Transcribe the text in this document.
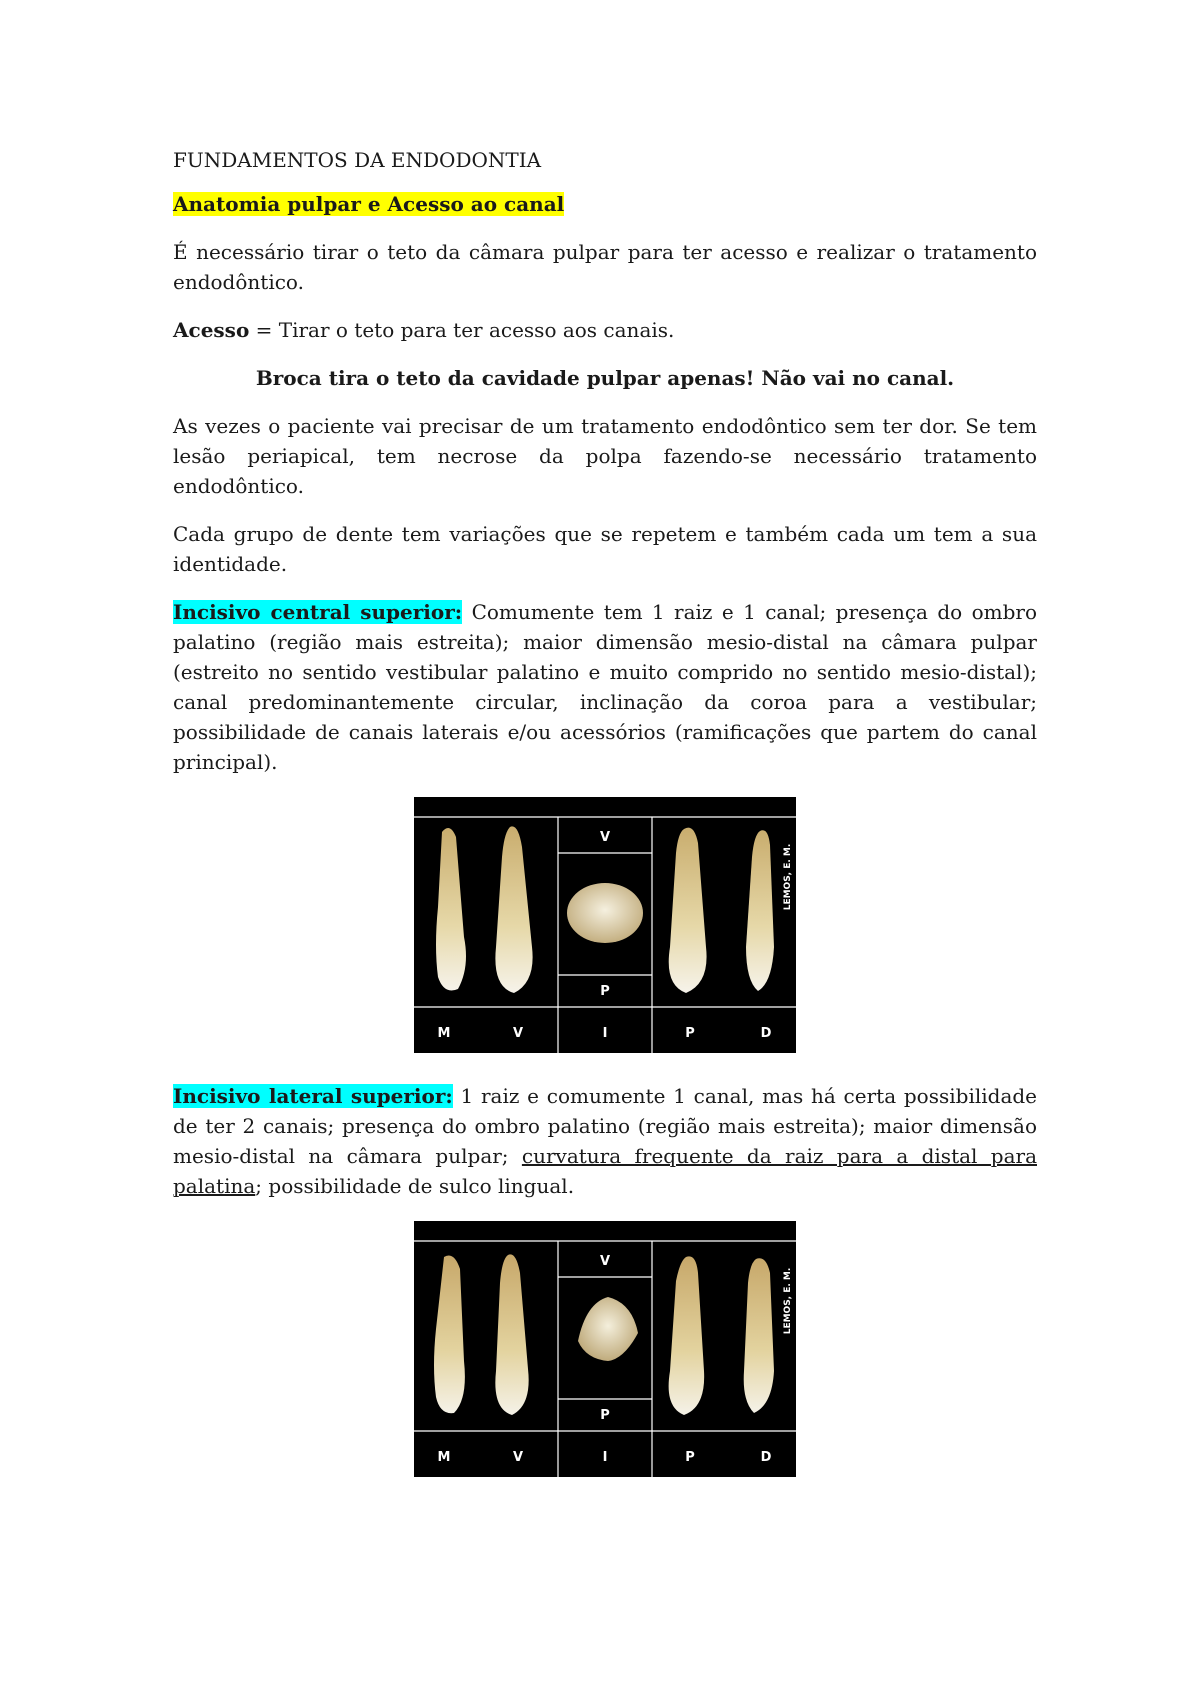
FUNDAMENTOS DA ENDODONTIA

Anatomia pulpar e Acesso ao canal

É necessário tirar o teto da câmara pulpar para ter acesso e realizar o tratamento endodôntico.

Acesso = Tirar o teto para ter acesso aos canais.

Broca tira o teto da cavidade pulpar apenas! Não vai no canal.

As vezes o paciente vai precisar de um tratamento endodôntico sem ter dor. Se tem lesão periapical, tem necrose da polpa fazendo-se necessário tratamento endodôntico.

Cada grupo de dente tem variações que se repetem e também cada um tem a sua identidade.

Incisivo central superior: Comumente tem 1 raiz e 1 canal; presença do ombro palatino (região mais estreita); maior dimensão mesio-distal na câmara pulpar (estreito no sentido vestibular palatino e muito comprido no sentido mesio-distal); canal predominantemente circular, inclinação da coroa para a vestibular; possibilidade de canais laterais e/ou acessórios (ramificações que partem do canal principal).

V
P
M	V	I	P	D
LEMOS, E. M.

Incisivo lateral superior: 1 raiz e comumente 1 canal, mas há certa possibilidade de ter 2 canais; presença do ombro palatino (região mais estreita); maior dimensão mesio-distal na câmara pulpar; curvatura frequente da raiz para a distal para palatina; possibilidade de sulco lingual.

V
P
M	V	I	P	D
LEMOS, E. M.
